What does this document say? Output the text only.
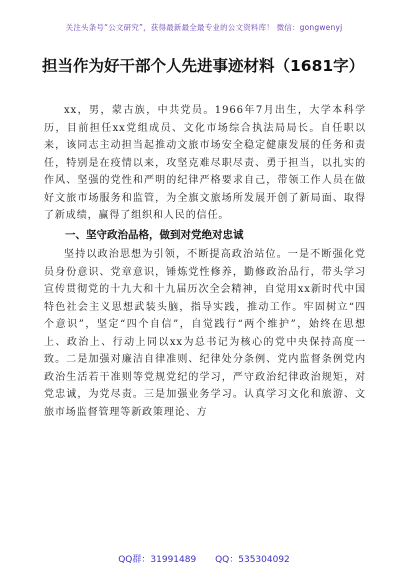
关注头条号“公文研究”，获得最新最全最专业的公文资料库！ 微信：gongwenyj
担当作为好干部个人先进事迹材料（1681字）

xx，男，蒙古族，中共党员。1966年7月出生，大学本科学历，目前担任xx党组成员、文化市场综合执法局局长。自任职以来，该同志主动担当起推动文旅市场安全稳定健康发展的任务和责任，特别是在疫情以来，攻坚克难尽职尽责、勇于担当，以扎实的作风、坚强的党性和严明的纪律严格要求自己，带领工作人员在做好文旅市场服务和监管，为全旗文旅场所发展开创了新局面、取得了新成绩，赢得了组织和人民的信任。

一、坚守政治品格，做到对党绝对忠诚

坚持以政治思想为引领，不断提高政治站位。一是不断强化党员身份意识、党章意识，锤炼党性修养，勤修政治品行，带头学习宣传贯彻党的十九大和十九届历次全会精神，自觉用xx新时代中国特色社会主义思想武装头脑，指导实践，推动工作。牢固树立“四个意识”，坚定“四个自信”，自觉践行“两个维护”，始终在思想上、政治上、行动上同以xx为总书记为核心的党中央保持高度一致。二是加强对廉洁自律准则、纪律处分条例、党内监督条例党内政治生活若干准则等党规党纪的学习，严守政治纪律政治规矩，对党忠诚，为党尽责。三是加强业务学习。认真学习文化和旅游、文旅市场监督管理等新政策理论、方

QQ群：31991489 QQ：535304092
